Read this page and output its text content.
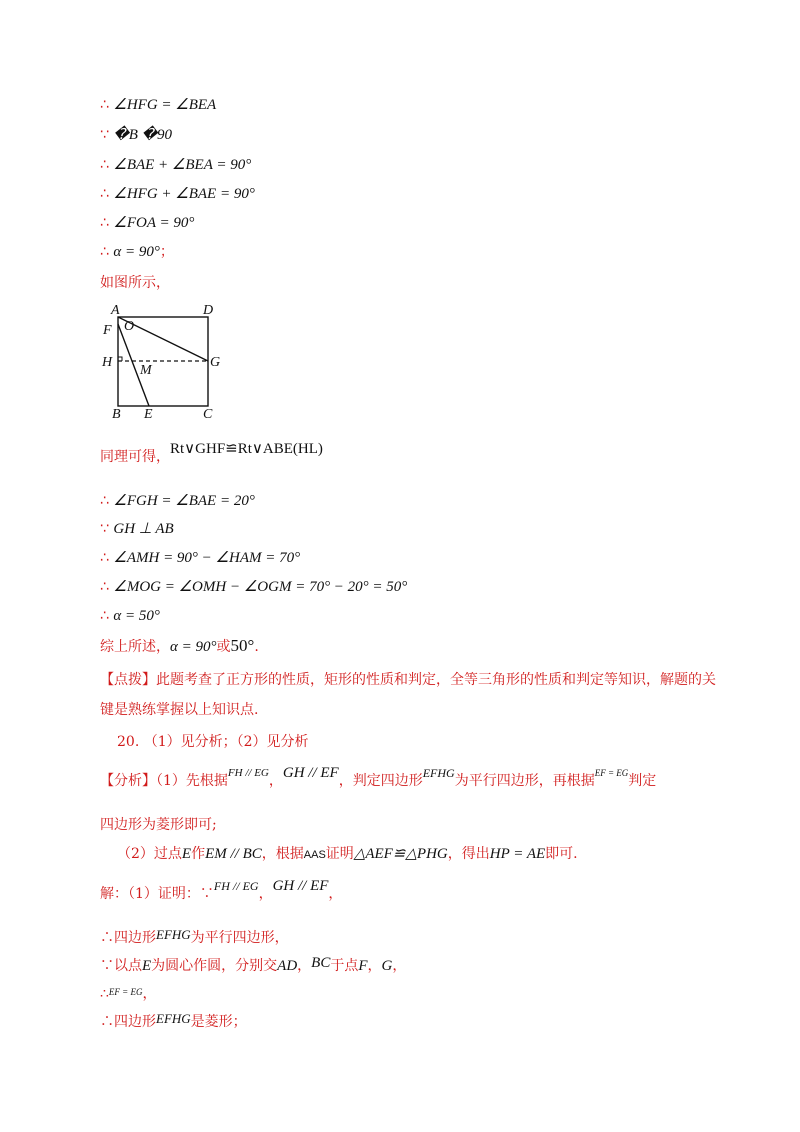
∴ ∠HFG = ∠BEA
∵ �B �90
∴ ∠BAE + ∠BEA = 90°
∴ ∠HFG + ∠BAE = 90°
∴ ∠FOA = 90°
∴ α = 90°；
如图所示，
A	D
F O
H
M
G
B E	C
同理可得，Rt∨GHF≌Rt∨ABE(HL)
∴ ∠FGH = ∠BAE = 20°
∵ GH ⊥ AB
∴ ∠AMH = 90° − ∠HAM = 70°
∴ ∠MOG = ∠OMH − ∠OGM = 70° − 20° = 50°
∴ α = 50°
综上所述，α = 90°或50°.
【点拨】此题考查了正方形的性质，矩形的性质和判定，全等三角形的性质和判定等知识，解题的关
键是熟练掌握以上知识点.
20. （1）见分析；（2）见分析
【分析】（1）先根据$^{FH // EG}$，GH // EF，判定四边形EFHG为平行四边形，再根据$^{EF = EG}$判定
四边形为菱形即可;
（2）过点E作EM // BC，根据AAS证明△AEF≌△PHG，得出HP = AE即可.
解：（1）证明：∵FH // EG，GH // EF，
∴四边形EFHG为平行四边形，
∵以点E为圆心作圆，分别交AD，BC于点F，G，
∴$^{EF = EG}$，
∴四边形EFHG是菱形；
